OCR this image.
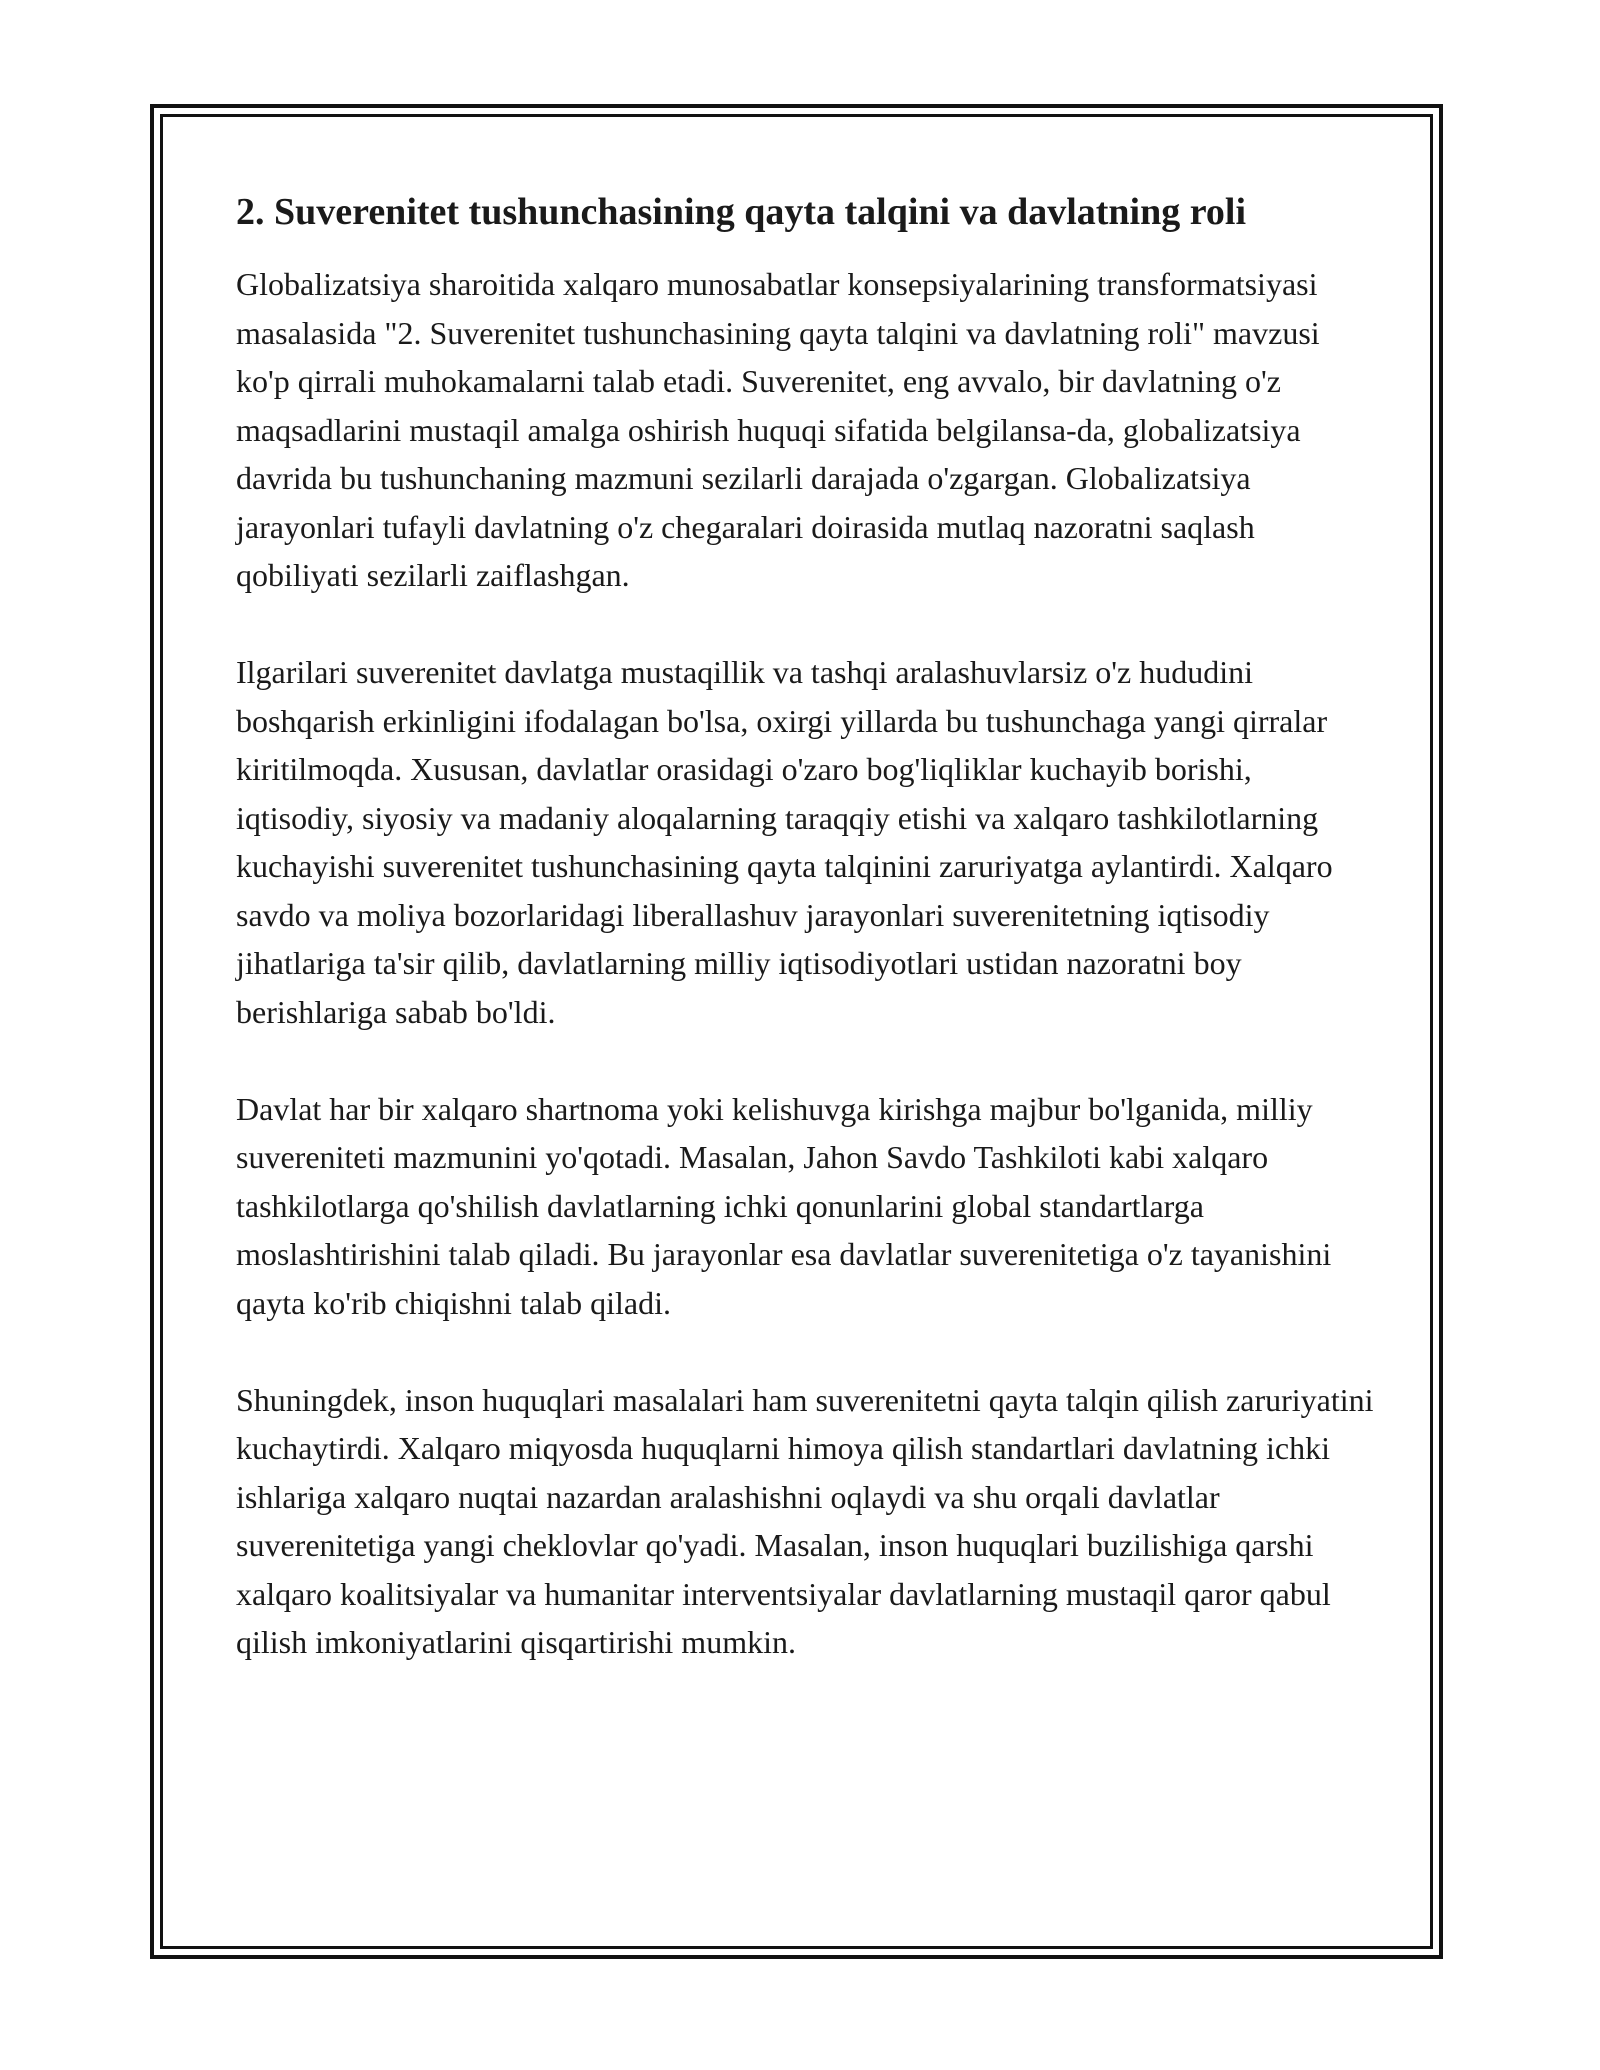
2. Suverenitet tushunchasining qayta talqini va davlatning roli

Globalizatsiya sharoitida xalqaro munosabatlar konsepsiyalarining transformatsiyasi masalasida "2. Suverenitet tushunchasining qayta talqini va davlatning roli" mavzusi ko'p qirrali muhokamalarni talab etadi. Suverenitet, eng avvalo, bir davlatning o'z maqsadlarini mustaqil amalga oshirish huquqi sifatida belgilansa-da, globalizatsiya davrida bu tushunchaning mazmuni sezilarli darajada o'zgargan. Globalizatsiya jarayonlari tufayli davlatning o'z chegaralari doirasida mutlaq nazoratni saqlash qobiliyati sezilarli zaiflashgan.

Ilgarilari suverenitet davlatga mustaqillik va tashqi aralashuvlarsiz o'z hududini boshqarish erkinligini ifodalagan bo'lsa, oxirgi yillarda bu tushunchaga yangi qirralar kiritilmoqda. Xususan, davlatlar orasidagi o'zaro bog'liqliklar kuchayib borishi, iqtisodiy, siyosiy va madaniy aloqalarning taraqqiy etishi va xalqaro tashkilotlarning kuchayishi suverenitet tushunchasining qayta talqinini zaruriyatga aylantirdi. Xalqaro savdo va moliya bozorlaridagi liberallashuv jarayonlari suverenitetning iqtisodiy jihatlariga ta'sir qilib, davlatlarning milliy iqtisodiyotlari ustidan nazoratni boy berishlariga sabab bo'ldi.

Davlat har bir xalqaro shartnoma yoki kelishuvga kirishga majbur bo'lganida, milliy suvereniteti mazmunini yo'qotadi. Masalan, Jahon Savdo Tashkiloti kabi xalqaro tashkilotlarga qo'shilish davlatlarning ichki qonunlarini global standartlarga moslashtirishini talab qiladi. Bu jarayonlar esa davlatlar suverenitetiga o'z tayanishini qayta ko'rib chiqishni talab qiladi.

Shuningdek, inson huquqlari masalalari ham suverenitetni qayta talqin qilish zaruriyatini kuchaytirdi. Xalqaro miqyosda huquqlarni himoya qilish standartlari davlatning ichki ishlariga xalqaro nuqtai nazardan aralashishni oqlaydi va shu orqali davlatlar suverenitetiga yangi cheklovlar qo'yadi. Masalan, inson huquqlari buzilishiga qarshi xalqaro koalitsiyalar va humanitar interventsiyalar davlatlarning mustaqil qaror qabul qilish imkoniyatlarini qisqartirishi mumkin.
